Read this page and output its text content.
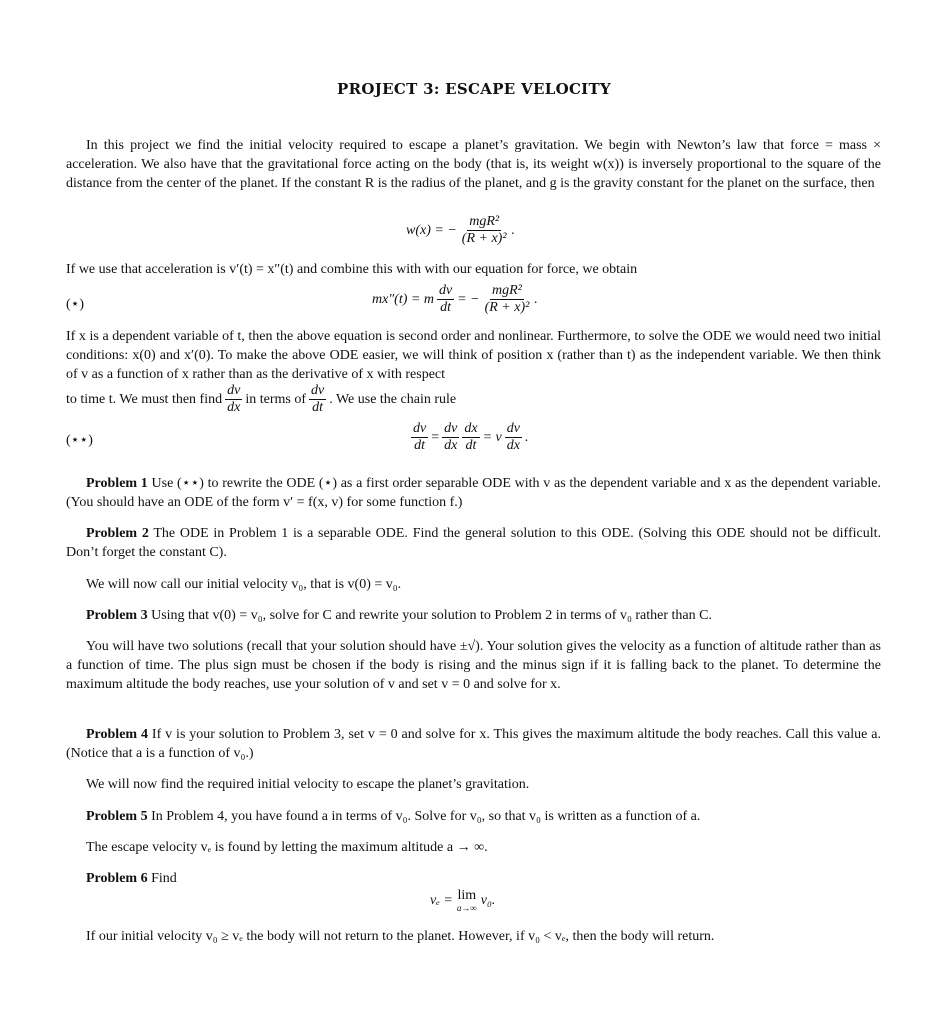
PROJECT 3: ESCAPE VELOCITY
In this project we find the initial velocity required to escape a planet’s gravitation. We begin with Newton’s law that force = mass × acceleration. We also have that the gravitational force acting on the body (that is, its weight w(x)) is inversely proportional to the square of the distance from the center of the planet. If the constant R is the radius of the planet, and g is the gravity constant for the planet on the surface, then
w(x) = − $\frac{\text{mgR²}}{\text{(R + x)²}}$ .
If we use that acceleration is v′(t) = x″(t) and combine this with with our equation for force, we obtain
(⋆)	mx″(t) = m $\frac{dv}{dt}$ = − $\frac{\text{mgR²}}{\text{(R + x)²}}$ .
If x is a dependent variable of t, then the above equation is second order and nonlinear. Furthermore, to solve the ODE we would need two initial conditions: x(0) and x′(0). To make the above ODE easier, we will think of position x (rather than t) as the independent variable. We then think of v as a function of x rather than as the derivative of x with respect
to time t. We must then find $\frac{dv}{dx}$ in terms of $\frac{dv}{dt}$ . We use the chain rule
(⋆⋆)	$\frac{dv}{dt} = \frac{dv}{dx} \frac{dx}{dt} = v \frac{dv}{dx}$ .
Problem 1 Use (⋆⋆) to rewrite the ODE (⋆) as a first order separable ODE with v as the dependent variable and x as the dependent variable. (You should have an ODE of the form v′ = f(x, v) for some function f.)
Problem 2 The ODE in Problem 1 is a separable ODE. Find the general solution to this ODE. (Solving this ODE should not be difficult. Don’t forget the constant C).
We will now call our initial velocity v₀, that is v(0) = v₀.
Problem 3 Using that v(0) = v₀, solve for C and rewrite your solution to Problem 2 in terms of v₀ rather than C.
You will have two solutions (recall that your solution should have ±√). Your solution gives the velocity as a function of altitude rather than as a function of time. The plus sign must be chosen if the body is rising and the minus sign if it is falling back to the planet. To determine the maximum altitude the body reaches, use your solution of v and set v = 0 and solve for x.
Problem 4 If v is your solution to Problem 3, set v = 0 and solve for x. This gives the maximum altitude the body reaches. Call this value a. (Notice that a is a function of v₀.)
We will now find the required initial velocity to escape the planet’s gravitation.
Problem 5 In Problem 4, you have found a in terms of v₀. Solve for v₀, so that v₀ is written as a function of a.
The escape velocity vₑ is found by letting the maximum altitude a → ∞.
Problem 6 Find
vₑ = lim
a→∞
v₀.
If our initial velocity v₀ ≥ vₑ the body will not return to the planet. However, if v₀ < vₑ, then the body will return.
